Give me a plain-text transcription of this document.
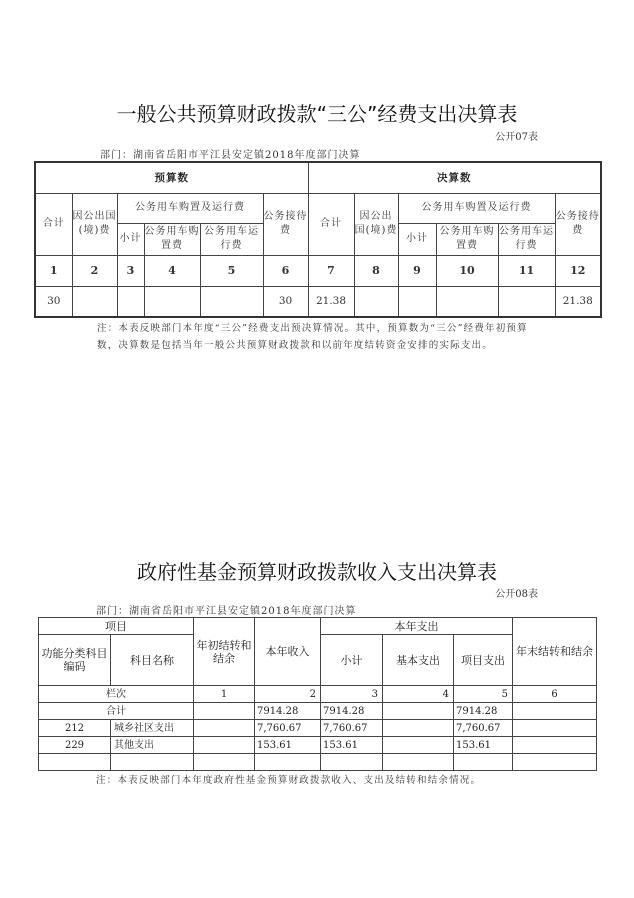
一般公共预算财政拨款“三公”经费支出决算表
公开07表
部门：湖南省岳阳市平江县安定镇2018年度部门决算
预算数						决算数					
合计	因公出国(境)费	公务用车购置及运行费			公务接待费	合计	因公出国(境)费	公务用车购置及运行费			公务接待费
		小计	公务用车购置费	公务用车运行费				小计	公务用车购置费	公务用车运行费	
1	2	3	4	5	6	7	8	9	10	11	12
30					30	21.38					21.38
注：本表反映部门本年度“三公”经费支出预决算情况。其中，预算数为“三公”经费年初预算
数，决算数是包括当年一般公共预算财政拨款和以前年度结转资金安排的实际支出。
政府性基金预算财政拨款收入支出决算表
公开08表
部门：湖南省岳阳市平江县安定镇2018年度部门决算
项目		年初结转和结余	本年收入	本年支出			年末结转和结余
功能分类科目编码	科目名称			小计	基本支出	项目支出	
栏次		1	2	3	4	5	6
合计			7914.28	7914.28		7914.28	
212	城乡社区支出		7,760.67	7,760.67		7,760.67	
229	其他支出		153.61	153.61		153.61	

注：本表反映部门本年度政府性基金预算财政拨款收入、支出及结转和结余情况。
